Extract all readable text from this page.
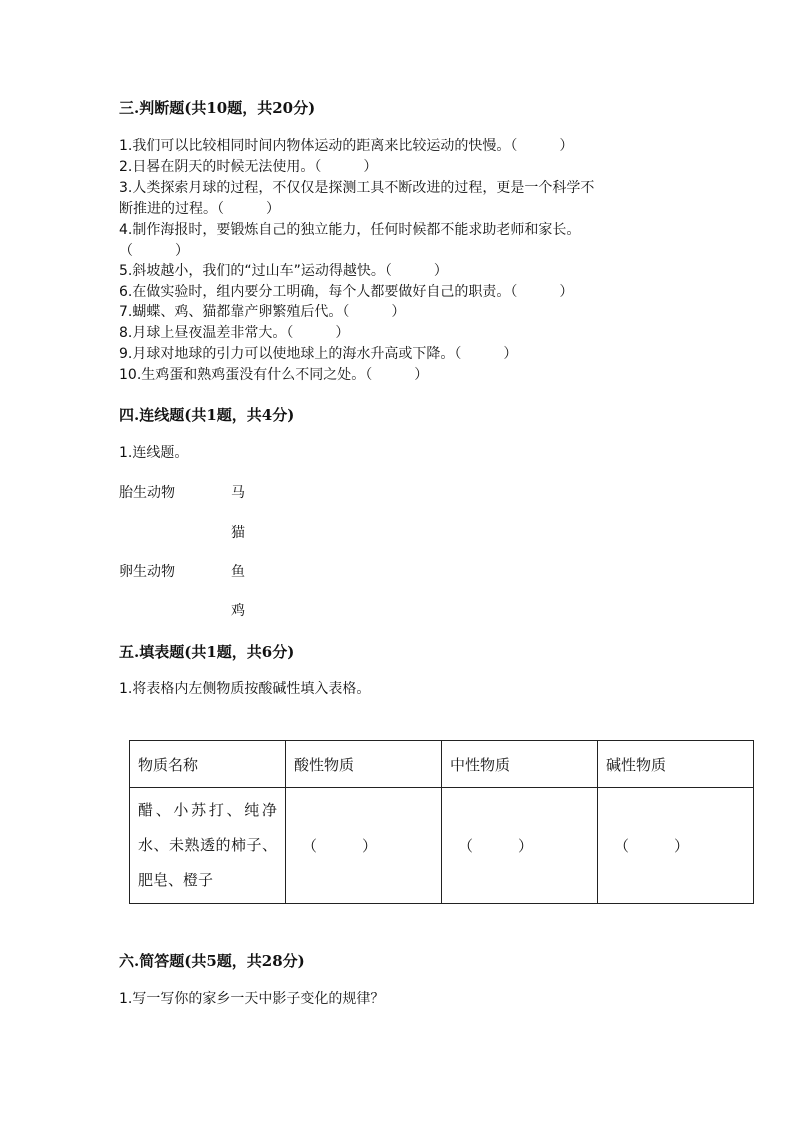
三.判断题(共10题，共20分)
1.我们可以比较相同时间内物体运动的距离来比较运动的快慢。（　　　）
2.日晷在阴天的时候无法使用。（　　　）
3.人类探索月球的过程，不仅仅是探测工具不断改进的过程，更是一个科学不
断推进的过程。（　　　）
4.制作海报时，要锻炼自己的独立能力，任何时候都不能求助老师和家长。
（　　　）
5.斜坡越小，我们的“过山车”运动得越快。（　　　）
6.在做实验时，组内要分工明确，每个人都要做好自己的职责。（　　　）
7.蝴蝶、鸡、猫都靠产卵繁殖后代。（　　　）
8.月球上昼夜温差非常大。（　　　）
9.月球对地球的引力可以使地球上的海水升高或下降。（　　　）
10.生鸡蛋和熟鸡蛋没有什么不同之处。（　　　）
四.连线题(共1题，共4分)
1.连线题。
胎生动物
卵生动物
马
猫
鱼
鸡
五.填表题(共1题，共6分)
1.将表格内左侧物质按酸碱性填入表格。
物质名称	酸性物质	中性物质	碱性物质

醋、小苏打、纯净水、未熟透的柿子、肥皂、橙子	（　　　）	（　　　）	（　　　）
六.简答题(共5题，共28分)
1.写一写你的家乡一天中影子变化的规律？
